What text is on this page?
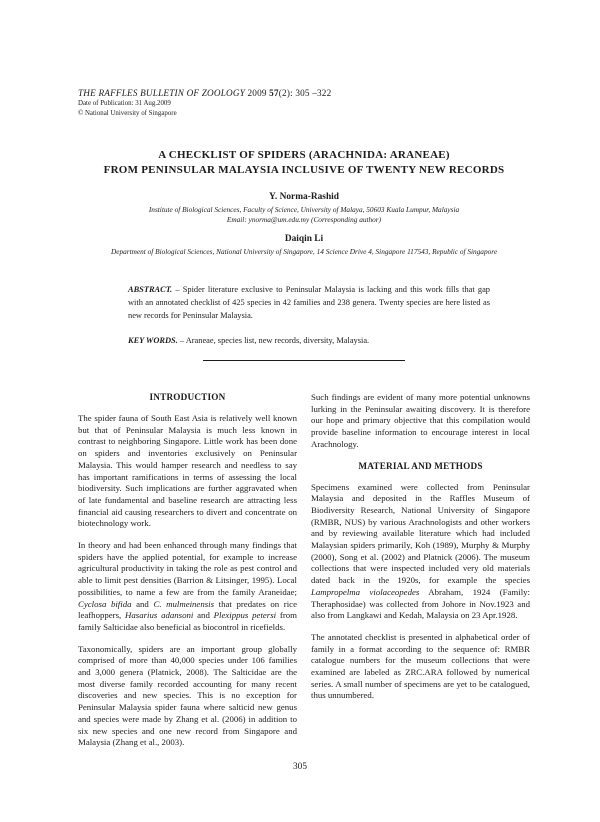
THE RAFFLES BULLETIN OF ZOOLOGY 2009 57(2): 305 –322
Date of Publication: 31 Aug.2009
© National University of Singapore
A CHECKLIST OF SPIDERS (ARACHNIDA: ARANEAE)
FROM PENINSULAR MALAYSIA INCLUSIVE OF TWENTY NEW RECORDS
Y. Norma-Rashid
Institute of Biological Sciences, Faculty of Science, University of Malaya, 50603 Kuala Lumpur, Malaysia
Email: ynorma@um.edu.my (Corresponding author)
Daiqin Li
Department of Biological Sciences, National University of Singapore, 14 Science Drive 4, Singapore 117543, Republic of Singapore

ABSTRACT. – Spider literature exclusive to Peninsular Malaysia is lacking and this work fills that gap with an annotated checklist of 425 species in 42 families and 238 genera. Twenty species are here listed as new records for Peninsular Malaysia.

KEY WORDS. – Araneae, species list, new records, diversity, Malaysia.

INTRODUCTION

The spider fauna of South East Asia is relatively well known but that of Peninsular Malaysia is much less known in contrast to neighboring Singapore. Little work has been done on spiders and inventories exclusively on Peninsular Malaysia. This would hamper research and needless to say has important ramifications in terms of assessing the local biodiversity. Such implications are further aggravated when of late fundamental and baseline research are attracting less financial aid causing researchers to divert and concentrate on biotechnology work.

In theory and had been enhanced through many findings that spiders have the applied potential, for example to increase agricultural productivity in taking the role as pest control and able to limit pest densities (Barrion & Litsinger, 1995). Local possibilities, to name a few are from the family Araneidae; Cyclosa bifida and C. mulmeinensis that predates on rice leafhoppers, Hasarius adansoni and Plexippus petersi from family Salticidae also beneficial as biocontrol in ricefields.

Taxonomically, spiders are an important group globally comprised of more than 40,000 species under 106 families and 3,000 genera (Platnick, 2008). The Salticidae are the most diverse family recorded accounting for many recent discoveries and new species. This is no exception for Peninsular Malaysia spider fauna where salticid new genus and species were made by Zhang et al. (2006) in addition to six new species and one new record from Singapore and Malaysia (Zhang et al., 2003).

Such findings are evident of many more potential unknowns lurking in the Peninsular awaiting discovery. It is therefore our hope and primary objective that this compilation would provide baseline information to encourage interest in local Arachnology.

MATERIAL AND METHODS

Specimens examined were collected from Peninsular Malaysia and deposited in the Raffles Museum of Biodiversity Research, National University of Singapore (RMBR, NUS) by various Arachnologists and other workers and by reviewing available literature which had included Malaysian spiders primarily, Koh (1989), Murphy & Murphy (2000), Song et al. (2002) and Platnick (2006). The museum collections that were inspected included very old materials dated back in the 1920s, for example the species Lampropelma violaceopedes Abraham, 1924 (Family: Theraphosidae) was collected from Johore in Nov.1923 and also from Langkawi and Kedah, Malaysia on 23 Apr.1928.

The annotated checklist is presented in alphabetical order of family in a format according to the sequence of: RMBR catalogue numbers for the museum collections that were examined are labeled as ZRC.ARA followed by numerical series. A small number of specimens are yet to be catalogued, thus unnumbered.

305
